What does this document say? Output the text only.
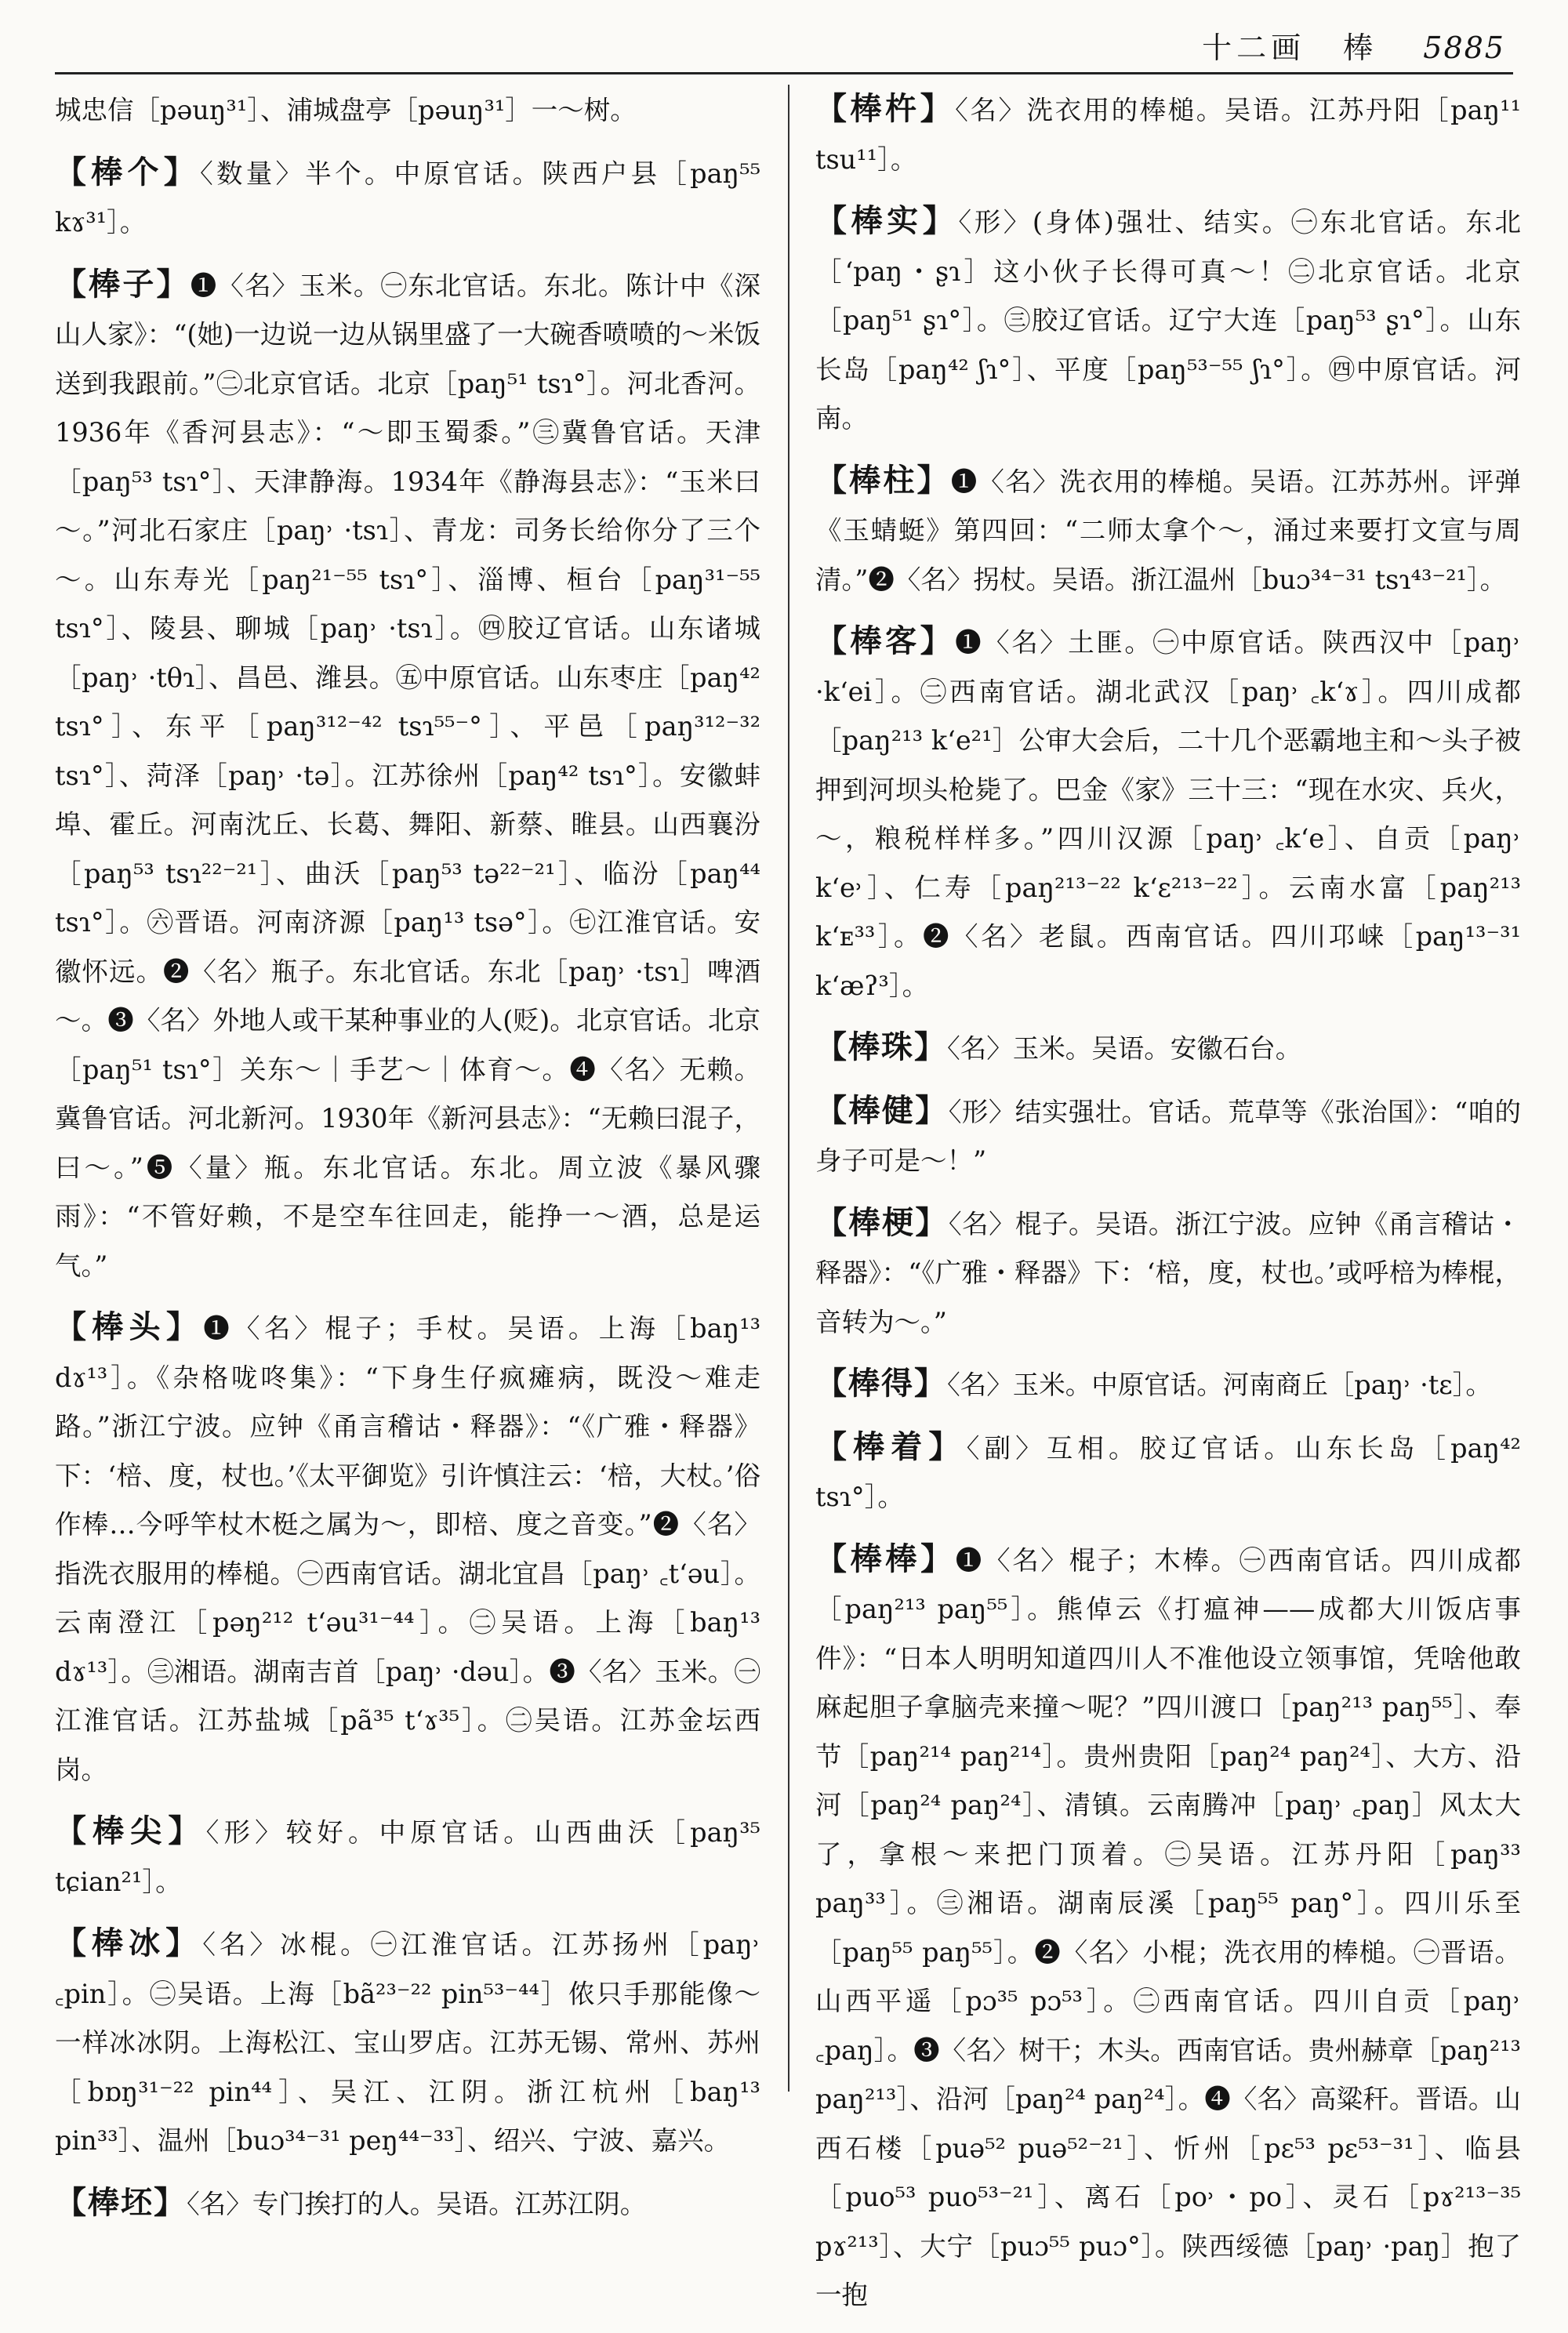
十二画 棒 5885

城忠信［pəuŋ³¹］、浦城盘亭［pəuŋ³¹］一～树。

【棒个】〈数量〉半个。中原官话。陕西户县［paŋ⁵⁵ kɤ³¹］。

【棒子】❶〈名〉玉米。㊀东北官话。东北。陈计中《深山人家》：“(她)一边说一边从锅里盛了一大碗香喷喷的～米饭送到我跟前。”㊁北京官话。北京［paŋ⁵¹ tsɿ°］。河北香河。1936年《香河县志》：“～即玉蜀黍。”㊂冀鲁官话。天津［paŋ⁵³ tsɿ°］、天津静海。1934年《静海县志》：“玉米曰～。”河北石家庄［paŋ˒ ·tsɿ］、青龙：司务长给你分了三个～。山东寿光［paŋ²¹⁻⁵⁵ tsɿ°］、淄博、桓台［paŋ³¹⁻⁵⁵ tsɿ°］、陵县、聊城［paŋ˒ ·tsɿ］。㊃胶辽官话。山东诸城［paŋ˒ ·tθɿ］、昌邑、潍县。㊄中原官话。山东枣庄［paŋ⁴² tsɿ°］、东平［paŋ³¹²⁻⁴² tsɿ⁵⁵⁻°］、平邑［paŋ³¹²⁻³² tsɿ°］、菏泽［paŋ˒ ·tə］。江苏徐州［paŋ⁴² tsɿ°］。安徽蚌埠、霍丘。河南沈丘、长葛、舞阳、新蔡、睢县。山西襄汾［paŋ⁵³ tsɿ²²⁻²¹］、曲沃［paŋ⁵³ tə²²⁻²¹］、临汾［paŋ⁴⁴ tsɿ°］。㊅晋语。河南济源［paŋ¹³ tsə°］。㊆江淮官话。安徽怀远。❷〈名〉瓶子。东北官话。东北［paŋ˒ ·tsɿ］啤酒～。❸〈名〉外地人或干某种事业的人(贬)。北京官话。北京［paŋ⁵¹ tsɿ°］关东～｜手艺～｜体育～。❹〈名〉无赖。冀鲁官话。河北新河。1930年《新河县志》：“无赖曰混子，曰～。”❺〈量〉瓶。东北官话。东北。周立波《暴风骤雨》：“不管好赖，不是空车往回走，能挣一～酒，总是运气。”

【棒头】❶〈名〉棍子；手杖。吴语。上海［baŋ¹³ dɤ¹³］。《杂格咙咚集》：“下身生仔疯瘫病，既没～难走路。”浙江宁波。应钟《甬言稽诂・释器》：“《广雅・释器》下：‘棓、度，杖也。’《太平御览》引许慎注云：‘棓，大杖。’俗作棒…今呼竿杖木梃之属为～，即棓、度之音变。”❷〈名〉指洗衣服用的棒槌。㊀西南官话。湖北宜昌［paŋ˒ ꜀tʻəu］。云南澄江［pəŋ²¹² tʻəu³¹⁻⁴⁴］。㊁吴语。上海［baŋ¹³ dɤ¹³］。㊂湘语。湖南吉首［paŋ˒ ·dəu］。❸〈名〉玉米。㊀江淮官话。江苏盐城［pã³⁵ tʻɤ³⁵］。㊁吴语。江苏金坛西岗。

【棒尖】〈形〉较好。中原官话。山西曲沃［paŋ³⁵ tɕian²¹］。

【棒冰】〈名〉冰棍。㊀江淮官话。江苏扬州［paŋ˒ ꜀pin］。㊁吴语。上海［bã²³⁻²² pin⁵³⁻⁴⁴］侬只手那能像～一样冰冰阴。上海松江、宝山罗店。江苏无锡、常州、苏州［bɒŋ³¹⁻²² pin⁴⁴］、吴江、江阴。浙江杭州［baŋ¹³ pin³³］、温州［buɔ³⁴⁻³¹ peŋ⁴⁴⁻³³］、绍兴、宁波、嘉兴。

【棒坯】〈名〉专门挨打的人。吴语。江苏江阴。

【棒杵】〈名〉洗衣用的棒槌。吴语。江苏丹阳［paŋ¹¹ tsu¹¹］。

【棒实】〈形〉(身体)强壮、结实。㊀东北官话。东北［ʻpaŋ・ʂɿ］这小伙子长得可真～！㊁北京官话。北京［paŋ⁵¹ ʂɿ°］。㊂胶辽官话。辽宁大连［paŋ⁵³ ʂɿ°］。山东长岛［paŋ⁴² ʃɿ°］、平度［paŋ⁵³⁻⁵⁵ ʃɿ°］。㊃中原官话。河南。

【棒柱】❶〈名〉洗衣用的棒槌。吴语。江苏苏州。评弹《玉蜻蜓》第四回：“二师太拿个～，涌过来要打文宣与周清。”❷〈名〉拐杖。吴语。浙江温州［buɔ³⁴⁻³¹ tsɿ⁴³⁻²¹］。

【棒客】❶〈名〉土匪。㊀中原官话。陕西汉中［paŋ˒ ·kʻei］。㊁西南官话。湖北武汉［paŋ˒ ꜀kʻɤ］。四川成都［paŋ²¹³ kʻe²¹］公审大会后，二十几个恶霸地主和～头子被押到河坝头枪毙了。巴金《家》三十三：“现在水灾、兵火，～，粮税样样多。”四川汉源［paŋ˒ ꜀kʻe］、自贡［paŋ˒ kʻe˒］、仁寿［paŋ²¹³⁻²² kʻɛ²¹³⁻²²］。云南水富［paŋ²¹³ kʻᴇ³³］。❷〈名〉老鼠。西南官话。四川邛崃［paŋ¹³⁻³¹ kʻæʔ³］。

【棒珠】〈名〉玉米。吴语。安徽石台。

【棒健】〈形〉结实强壮。官话。荒草等《张治国》：“咱的身子可是～！”

【棒梗】〈名〉棍子。吴语。浙江宁波。应钟《甬言稽诂・释器》：“《广雅・释器》下：‘棓，度，杖也。’或呼棓为棒棍，音转为～。”

【棒得】〈名〉玉米。中原官话。河南商丘［paŋ˒ ·tɛ］。

【棒着】〈副〉互相。胶辽官话。山东长岛［paŋ⁴² tsɿ°］。

【棒棒】❶〈名〉棍子；木棒。㊀西南官话。四川成都［paŋ²¹³ paŋ⁵⁵］。熊倬云《打瘟神——成都大川饭店事件》：“日本人明明知道四川人不准他设立领事馆，凭啥他敢麻起胆子拿脑壳来撞～呢？”四川渡口［paŋ²¹³ paŋ⁵⁵］、奉节［paŋ²¹⁴ paŋ²¹⁴］。贵州贵阳［paŋ²⁴ paŋ²⁴］、大方、沿河［paŋ²⁴ paŋ²⁴］、清镇。云南腾冲［paŋ˒ ꜀paŋ］风太大了，拿根～来把门顶着。㊁吴语。江苏丹阳［paŋ³³ paŋ³³］。㊂湘语。湖南辰溪［paŋ⁵⁵ paŋ°］。四川乐至［paŋ⁵⁵ paŋ⁵⁵］。❷〈名〉小棍；洗衣用的棒槌。㊀晋语。山西平遥［pɔ³⁵ pɔ⁵³］。㊁西南官话。四川自贡［paŋ˒ ꜀paŋ］。❸〈名〉树干；木头。西南官话。贵州赫章［paŋ²¹³ paŋ²¹³］、沿河［paŋ²⁴ paŋ²⁴］。❹〈名〉高粱秆。晋语。山西石楼［puə⁵² puə⁵²⁻²¹］、忻州［pɛ⁵³ pɛ⁵³⁻³¹］、临县［puo⁵³ puo⁵³⁻²¹］、离石［po˒・po］、灵石［pɤ²¹³⁻³⁵ pɤ²¹³］、大宁［puɔ⁵⁵ puɔ°］。陕西绥德［paŋ˒ ·paŋ］抱了一抱
